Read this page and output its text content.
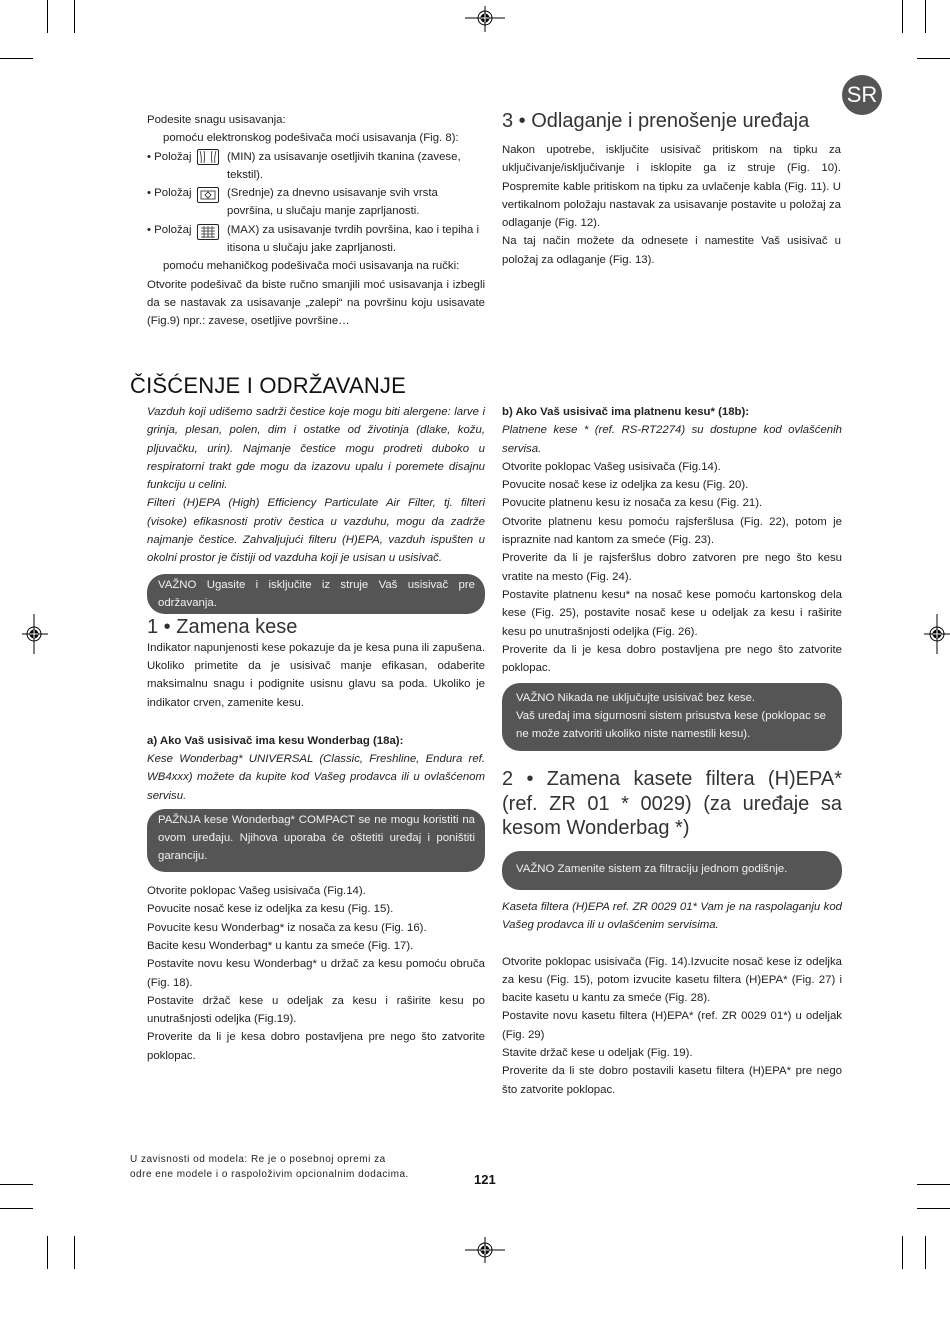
SR

Podesite snagu usisavanja:

pomoću elektronskog podešivača moći usisavanja (Fig. 8):

• Položaj	(MIN) za usisavanje osetljivih tkanina (zavese,
tekstil).
• Položaj	(Srednje) za dnevno usisavanje svih vrsta
površina, u slučaju manje zaprljanosti.
• Položaj	(MAX) za usisavanje tvrdih površina, kao i tepiha i
itisona u slučaju jake zaprljanosti.

pomoću mehaničkog podešivača moći usisavanja na ručki:

Otvorite podešivač da biste ručno smanjili moć usisavanja i izbegli da se nastavak za usisavanje „zalepi“ na površinu koju usisavate (Fig.9) npr.: zavese, osetljive površine…

3 • Odlaganje i prenošenje uređaja

Nakon upotrebe, isključite usisivač pritiskom na tipku za uključivanje/isključivanje i isklopite ga iz struje (Fig. 10). Pospremite kable pritiskom na tipku za uvlačenje kabla (Fig. 11). U vertikalnom položaju nastavak za usisavanje postavite u položaj za odlaganje (Fig. 12).

Na taj način možete da odnesete i namestite Vaš usisivač u položaj za odlaganje (Fig. 13).

ČIŠĆENJE I ODRŽAVANJE

Vazduh koji udišemo sadrži čestice koje mogu biti alergene: larve i grinja, plesan, polen, dim i ostatke od životinja (dlake, kožu, pljuvačku, urin). Najmanje čestice mogu prodreti duboko u respiratorni trakt gde mogu da izazovu upalu i poremete disajnu funkciju u celini.

Filteri (H)EPA (High) Efficiency Particulate Air Filter, tj. filteri (visoke) efikasnosti protiv čestica u vazduhu, mogu da zadrže najmanje čestice. Zahvaljujući filteru (H)EPA, vazduh ispušten u okolni prostor je čistiji od vazduha koji je usisan u usisivač.

VAŽNO Ugasite i isključite iz struje Vaš usisivač pre održavanja.
1 • Zamena kese

Indikator napunjenosti kese pokazuje da je kesa puna ili zapušena. Ukoliko primetite da je usisivač manje efikasan, odaberite maksimalnu snagu i podignite usisnu glavu sa poda. Ukoliko je indikator crven, zamenite kesu.

a) Ako Vaš usisivač ima kesu Wonderbag (18a):

Kese Wonderbag* UNIVERSAL (Classic, Freshline, Endura ref. WB4xxx) možete da kupite kod Vašeg prodavca ili u ovlašćenom servisu.

PAŽNJA kese Wonderbag* COMPACT se ne mogu koristiti na ovom uređaju. Njihova uporaba će oštetiti uređaj i poništiti garanciju.

Otvorite poklopac Vašeg usisivača (Fig.14).

Povucite nosač kese iz odeljka za kesu (Fig. 15).

Povucite kesu Wonderbag* iz nosača za kesu (Fig. 16).

Bacite kesu Wonderbag* u kantu za smeće (Fig. 17).

Postavite novu kesu Wonderbag* u držač za kesu pomoću obruča (Fig. 18).

Postavite držač kese u odeljak za kesu i raširite kesu po unutrašnjosti odeljka (Fig.19).

Proverite da li je kesa dobro postavljena pre nego što zatvorite poklopac.

b) Ako Vaš usisivač ima platnenu kesu* (18b):

Platnene kese * (ref. RS-RT2274) su dostupne kod ovlašćenih servisa.

Otvorite poklopac Vašeg usisivača (Fig.14).

Povucite nosač kese iz odeljka za kesu (Fig. 20).

Povucite platnenu kesu iz nosača za kesu (Fig. 21).

Otvorite platnenu kesu pomoću rajsferšlusa (Fig. 22), potom je ispraznite nad kantom za smeće (Fig. 23).

Proverite da li je rajsferšlus dobro zatvoren pre nego što kesu vratite na mesto (Fig. 24).

Postavite platnenu kesu* na nosač kese pomoću kartonskog dela kese (Fig. 25), postavite nosač kese u odeljak za kesu i raširite kesu po unutrašnjosti odeljka (Fig. 26).

Proverite da li je kesa dobro postavljena pre nego što zatvorite poklopac.

VAŽNO Nikada ne uključujte usisivač bez kese.
Vaš uređaj ima sigurnosni sistem prisustva kese (poklopac se ne može zatvoriti ukoliko niste namestili kesu).
2 • Zamena kasete filtera (H)EPA* (ref. ZR 01 * 0029) (za uređaje sa kesom Wonderbag *)
VAŽNO Zamenite sistem za filtraciju jednom godišnje.

Kaseta filtera (H)EPA ref. ZR 0029 01* Vam je na raspolaganju kod Vašeg prodavca ili u ovlašćenim servisima.

Otvorite poklopac usisivača (Fig. 14).Izvucite nosač kese iz odeljka za kesu (Fig. 15), potom izvucite kasetu filtera (H)EPA* (Fig. 27) i bacite kasetu u kantu za smeće (Fig. 28).

Postavite novu kasetu filtera (H)EPA* (ref. ZR 0029 01*) u odeljak (Fig. 29)

Stavite držač kese u odeljak (Fig. 19).

Proverite da li ste dobro postavili kasetu filtera (H)EPA* pre nego što zatvorite poklopac.

U zavisnosti od modela: Re je o posebnoj opremi za
odre ene modele i o raspoloživim opcionalnim dodacima.	121
